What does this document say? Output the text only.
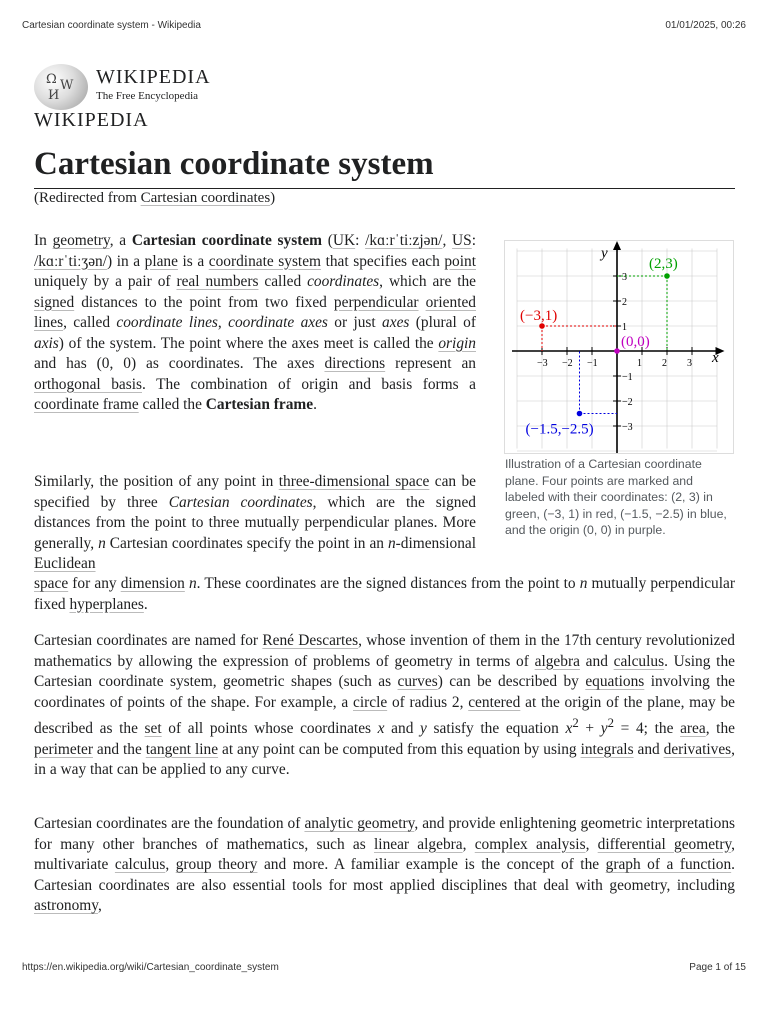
Cartesian coordinate system - Wikipedia	01/01/2025, 00:26
Ω W
И
WIKIPEDIA
The Free Encyclopedia
WIKIPEDIA
Cartesian coordinate system
(Redirected from Cartesian coordinates)

In geometry, a Cartesian coordinate system (UK: /kɑːrˈtiːzjən/, US: /kɑːrˈtiːʒən/) in a plane is a coordinate system that specifies each point uniquely by a pair of real numbers called coordinates, which are the signed distances to the point from two fixed perpendicular oriented lines, called coordinate lines, coordinate axes or just axes (plural of axis) of the system. The point where the axes meet is called the origin and has (0, 0) as coordinates. The axes directions represent an orthogonal basis. The combination of origin and basis forms a coordinate frame called the Cartesian frame.

x
y
−3 −2 −1	1 2 3
3
2
1
−1
−2
−3
(2,3)
(−3,1)
(−1.5,−2.5)
(0,0)
Illustration of a Cartesian coordinate plane. Four points are marked and labeled with their coordinates: (2, 3) in green, (−3, 1) in red, (−1.5, −2.5) in blue, and the origin (0, 0) in purple.

Similarly, the position of any point in three-dimensional space can be specified by three Cartesian coordinates, which are the signed distances from the point to three mutually perpendicular planes. More generally, n Cartesian coordinates specify the point in an n-dimensional Euclidean

space for any dimension n. These coordinates are the signed distances from the point to n mutually perpendicular fixed hyperplanes.

Cartesian coordinates are named for René Descartes, whose invention of them in the 17th century revolutionized mathematics by allowing the expression of problems of geometry in terms of algebra and calculus. Using the Cartesian coordinate system, geometric shapes (such as curves) can be described by equations involving the coordinates of points of the shape. For example, a circle of radius 2, centered at the origin of the plane, may be described as the set of all points whose coordinates x and y satisfy the equation $x^2 + y^2 = 4$; the area, the perimeter and the tangent line at any point can be computed from this equation by using integrals and derivatives, in a way that can be applied to any curve.

Cartesian coordinates are the foundation of analytic geometry, and provide enlightening geometric interpretations for many other branches of mathematics, such as linear algebra, complex analysis, differential geometry, multivariate calculus, group theory and more. A familiar example is the concept of the graph of a function. Cartesian coordinates are also essential tools for most applied disciplines that deal with geometry, including astronomy,

https://en.wikipedia.org/wiki/Cartesian_coordinate_system	Page 1 of 15
